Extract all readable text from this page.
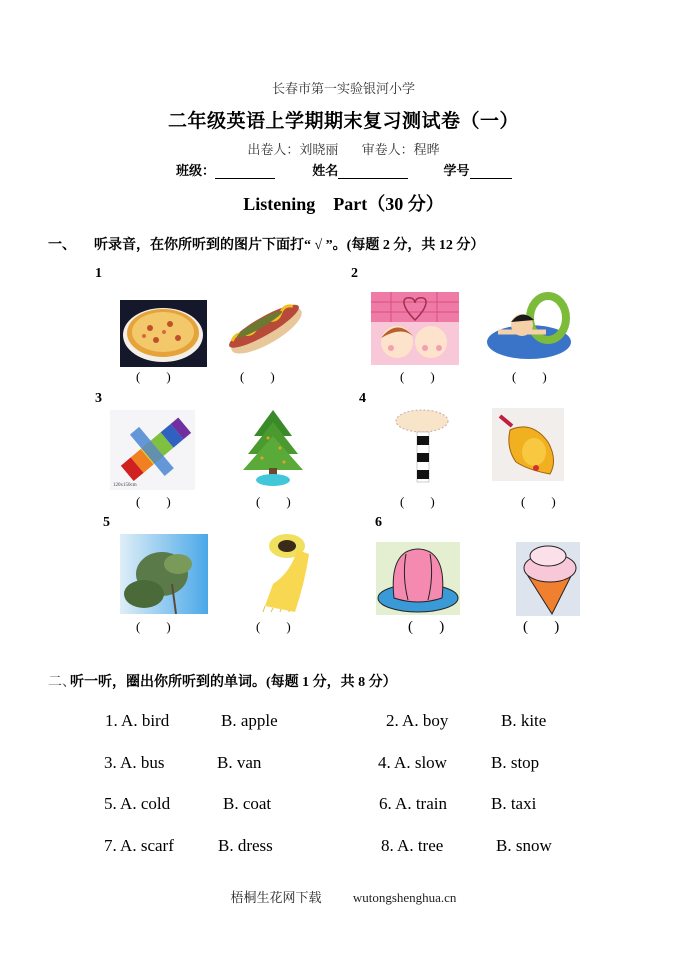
长春市第一实验银河小学
二年级英语上学期期末复习测试卷（一）
出卷人：刘晓丽 审卷人：程晔
班级：	姓名	学号
Listening    Part（30 分）
一、 听录音，在你所听到的图片下面打“ √ ”。(每题 2 分，共 12 分）
1
(        )	(        )
2
(        )	(        )
3
120x150cm
(        )	(        )
4
(        )	(        )
5
(        )	(        )
6
(       )	(       )
二、听一听，圈出你所听到的单词。(每题 1 分，共 8 分）
1. A. bird	B. apple	2. A. boy	B. kite
3. A. bus	B. van	4. A. slow	B. stop
5. A. cold	B. coat	6. A. train	B. taxi
7. A. scarf	B. dress	8. A. tree	B. snow
梧桐生花网下载 wutongshenghua.cn
